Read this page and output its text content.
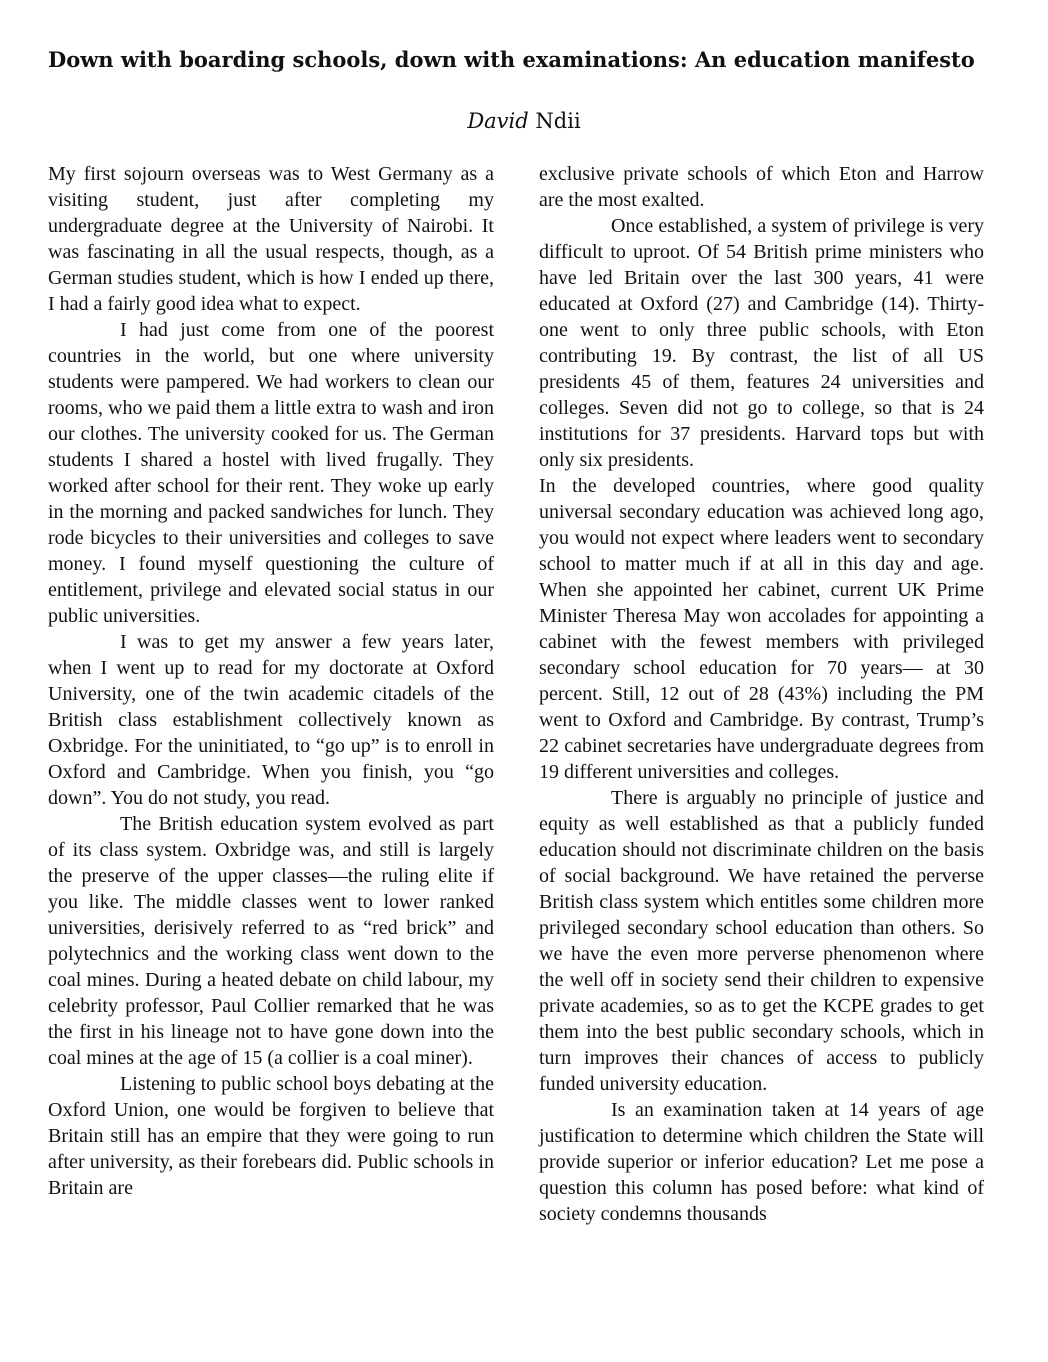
Down with boarding schools, down with examinations: An education manifesto
David Ndii

My first sojourn overseas was to West Germany as a visiting student, just after completing my undergraduate degree at the University of Nairobi. It was fascinating in all the usual respects, though, as a German studies student, which is how I ended up there, I had a fairly good idea what to expect.

I had just come from one of the poorest countries in the world, but one where university students were pampered. We had workers to clean our rooms, who we paid them a little extra to wash and iron our clothes. The university cooked for us. The German students I shared a hostel with lived frugally. They worked after school for their rent. They woke up early in the morning and packed sandwiches for lunch. They rode bicycles to their universities and colleges to save money. I found myself questioning the culture of entitlement, privilege and elevated social status in our public universities.

I was to get my answer a few years later, when I went up to read for my doctorate at Oxford University, one of the twin academic citadels of the British class establishment collectively known as Oxbridge. For the uninitiated, to “go up” is to enroll in Oxford and Cambridge. When you finish, you “go down”. You do not study, you read.

The British education system evolved as part of its class system. Oxbridge was, and still is largely the preserve of the upper classes—the ruling elite if you like. The middle classes went to lower ranked universities, derisively referred to as “red brick” and polytechnics and the working class went down to the coal mines. During a heated debate on child labour, my celebrity professor, Paul Collier remarked that he was the first in his lineage not to have gone down into the coal mines at the age of 15 (a collier is a coal miner).

Listening to public school boys debating at the Oxford Union, one would be forgiven to believe that Britain still has an empire that they were going to run after university, as their forebears did. Public schools in Britain are

exclusive private schools of which Eton and Harrow are the most exalted.

Once established, a system of privilege is very difficult to uproot. Of 54 British prime ministers who have led Britain over the last 300 years, 41 were educated at Oxford (27) and Cambridge (14). Thirty-one went to only three public schools, with Eton contributing 19. By contrast, the list of all US presidents 45 of them, features 24 universities and colleges. Seven did not go to college, so that is 24 institutions for 37 presidents. Harvard tops but with only six presidents.

In the developed countries, where good quality universal secondary education was achieved long ago, you would not expect where leaders went to secondary school to matter much if at all in this day and age. When she appointed her cabinet, current UK Prime Minister Theresa May won accolades for appointing a cabinet with the fewest members with privileged secondary school education for 70 years— at 30 percent. Still, 12 out of 28 (43%) including the PM went to Oxford and Cambridge. By contrast, Trump’s 22 cabinet secretaries have undergraduate degrees from 19 different universities and colleges.

There is arguably no principle of justice and equity as well established as that a publicly funded education should not discriminate children on the basis of social background. We have retained the perverse British class system which entitles some children more privileged secondary school education than others. So we have the even more perverse phenomenon where the well off in society send their children to expensive private academies, so as to get the KCPE grades to get them into the best public secondary schools, which in turn improves their chances of access to publicly funded university education.

Is an examination taken at 14 years of age justification to determine which children the State will provide superior or inferior education? Let me pose a question this column has posed before: what kind of society condemns thousands
